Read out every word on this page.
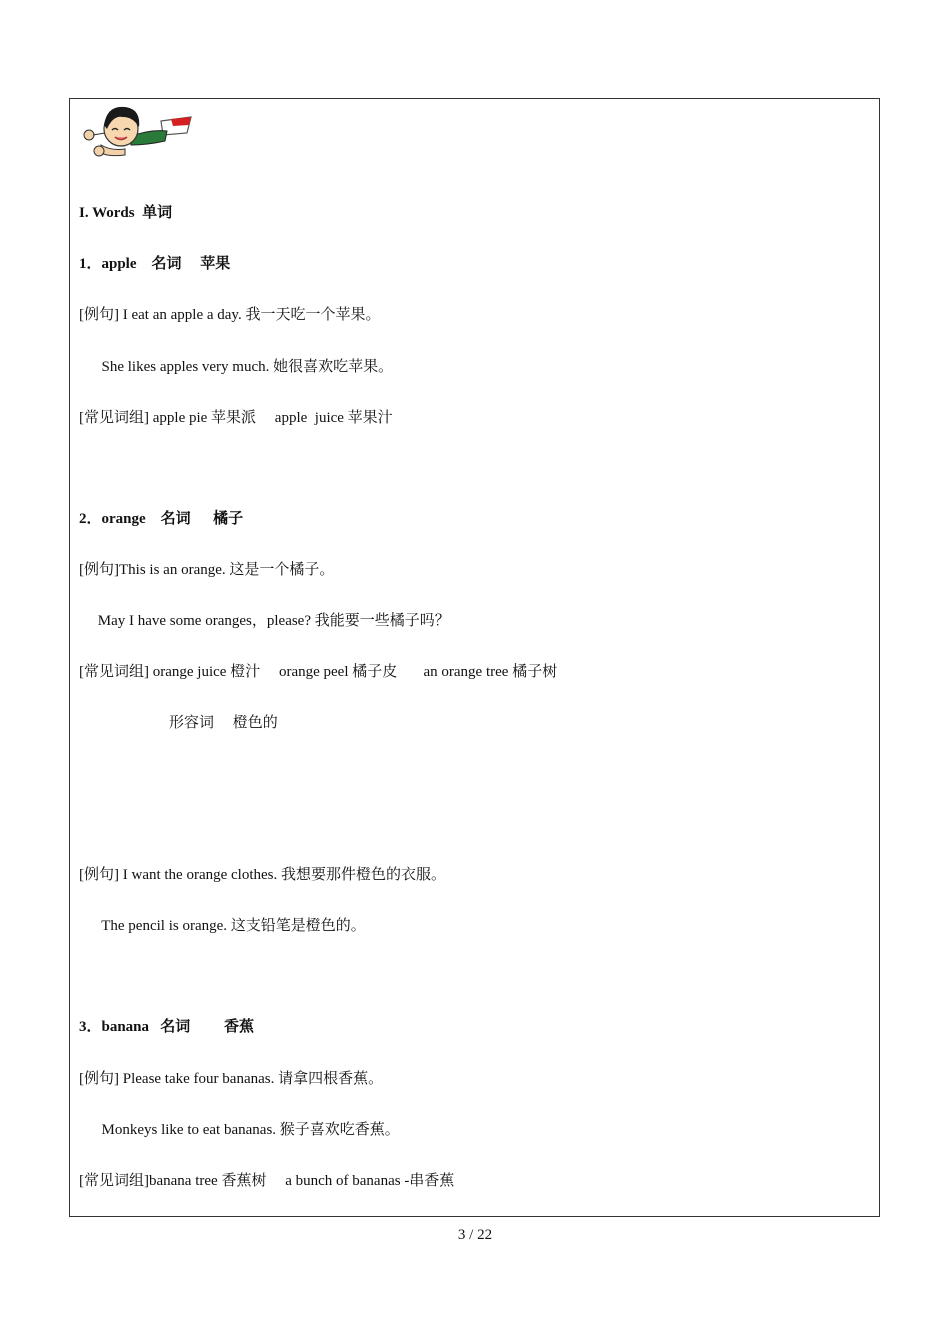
I. Words  单词
1．apple    名词     苹果
[例句] I eat an apple a day. 我一天吃一个苹果。
She likes apples very much. 她很喜欢吃苹果。
[常见词组] apple pie 苹果派     apple  juice 苹果汁
2．orange    名词      橘子
[例句]This is an orange. 这是一个橘子。
May I have some oranges，please? 我能要一些橘子吗？
[常见词组] orange juice 橙汁     orange peel 橘子皮       an orange tree 橘子树
形容词     橙色的
[例句] I want the orange clothes. 我想要那件橙色的衣服。
The pencil is orange. 这支铅笔是橙色的。
3．banana   名词         香蕉
[例句] Please take four bananas. 请拿四根香蕉。
Monkeys like to eat bananas. 猴子喜欢吃香蕉。
[常见词组]banana tree 香蕉树     a bunch of bananas -串香蕉
3 / 22
